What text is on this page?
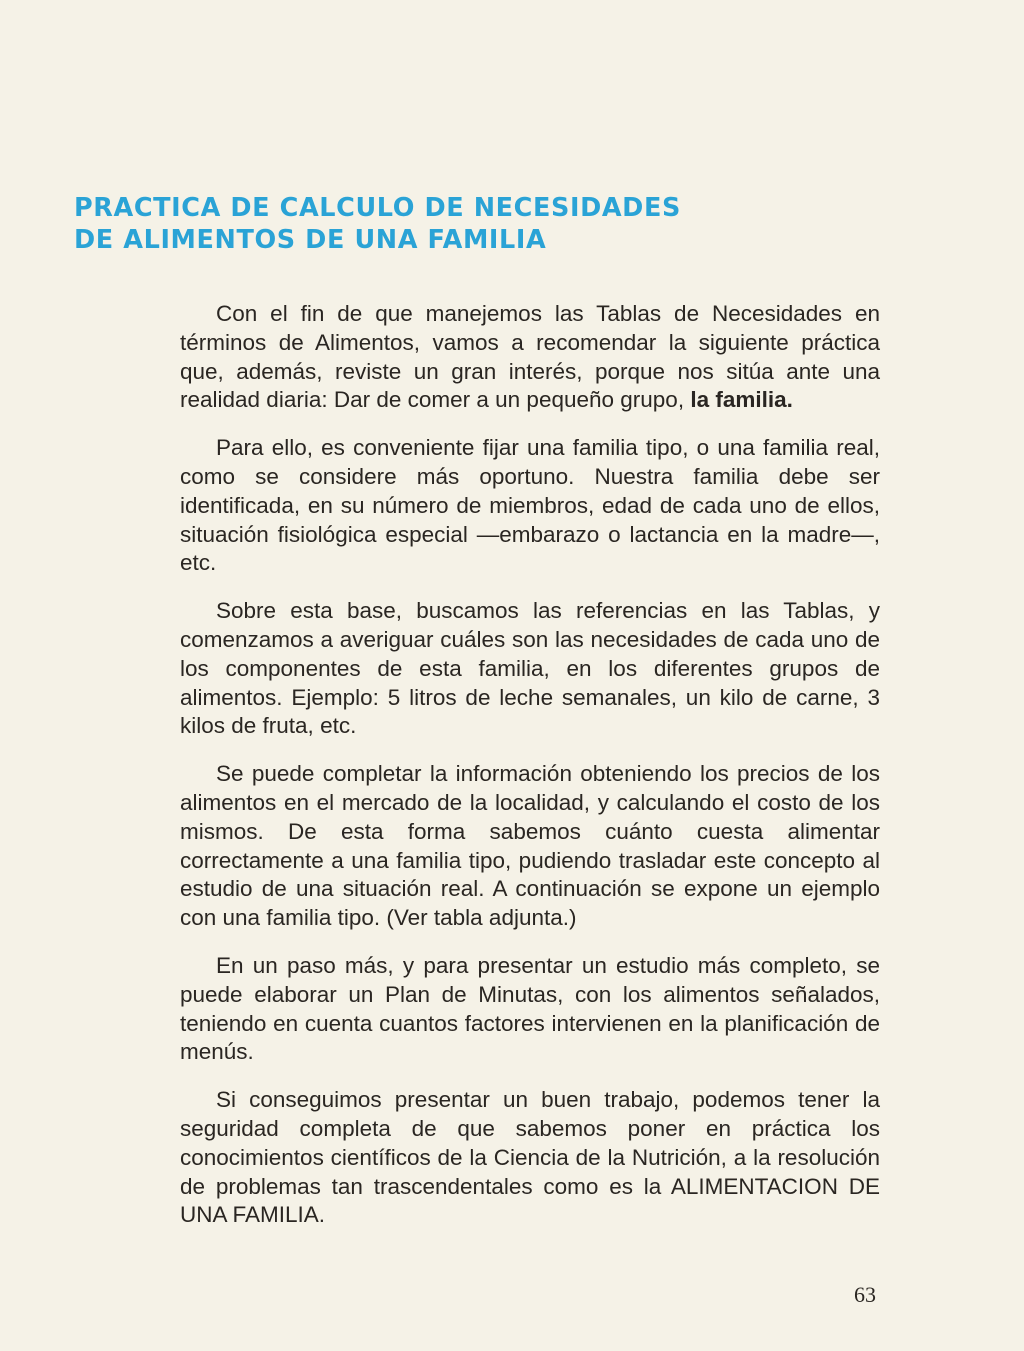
PRACTICA DE CALCULO DE NECESIDADES
DE ALIMENTOS DE UNA FAMILIA

Con el fin de que manejemos las Tablas de Necesidades en términos de Alimentos, vamos a recomendar la siguiente práctica que, además, reviste un gran interés, porque nos sitúa ante una realidad diaria: Dar de comer a un pequeño grupo, la familia.

Para ello, es conveniente fijar una familia tipo, o una familia real, como se considere más oportuno. Nuestra familia debe ser identificada, en su número de miembros, edad de cada uno de ellos, situación fisiológica especial —embarazo o lactancia en la madre—, etc.

Sobre esta base, buscamos las referencias en las Tablas, y comenzamos a averiguar cuáles son las necesidades de cada uno de los componentes de esta familia, en los diferentes grupos de alimentos. Ejemplo: 5 litros de leche semanales, un kilo de carne, 3 kilos de fruta, etc.

Se puede completar la información obteniendo los precios de los alimentos en el mercado de la localidad, y calculando el costo de los mismos. De esta forma sabemos cuánto cuesta alimentar correctamente a una familia tipo, pudiendo trasladar este concepto al estudio de una situación real. A continuación se expone un ejemplo con una familia tipo. (Ver tabla adjunta.)

En un paso más, y para presentar un estudio más completo, se puede elaborar un Plan de Minutas, con los alimentos señalados, teniendo en cuenta cuantos factores intervienen en la planificación de menús.

Si conseguimos presentar un buen trabajo, podemos tener la seguridad completa de que sabemos poner en práctica los conocimientos científicos de la Ciencia de la Nutrición, a la resolución de problemas tan trascendentales como es la ALIMENTACION DE UNA FAMILIA.

63
